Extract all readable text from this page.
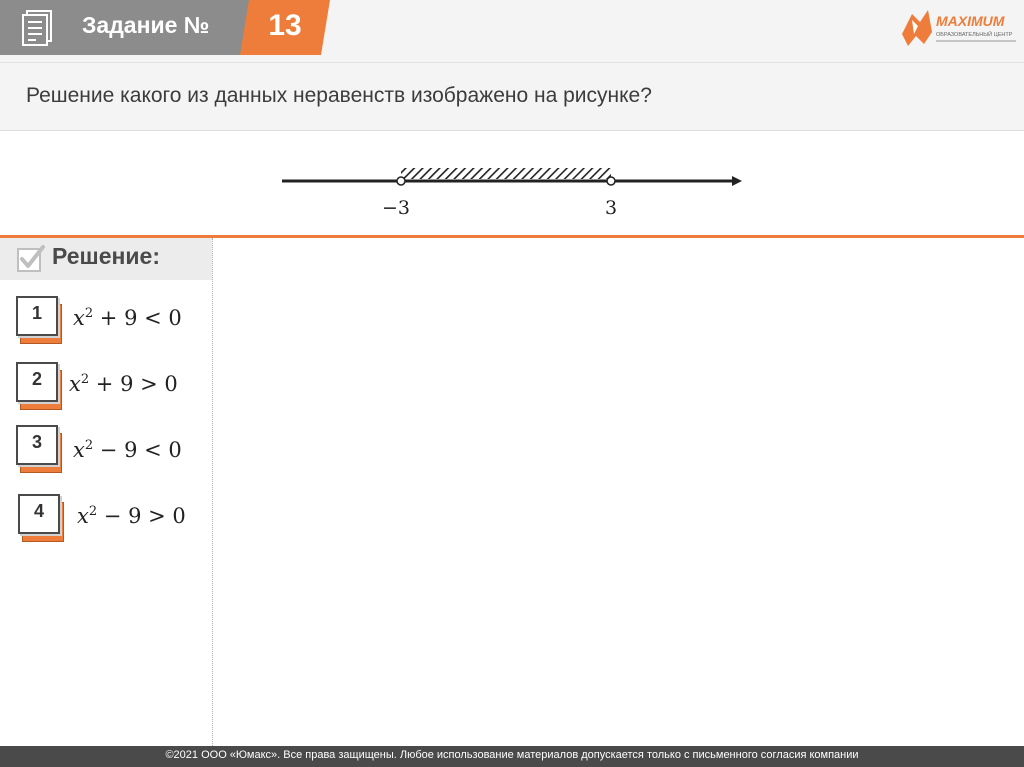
Задание №	13	MAXIMUM
ОБРАЗОВАТЕЛЬНЫЙ ЦЕНТР
Решение какого из данных неравенств изображено на рисунке?
−3	3
Решение:
1	$x^2 + 9 < 0$
2	$x^2 + 9 > 0$
3	$x^2 - 9 < 0$
4	$x^2 - 9 > 0$
©2021 ООО «Юмакс». Все права защищены. Любое использование материалов допускается только с письменного согласия компании
